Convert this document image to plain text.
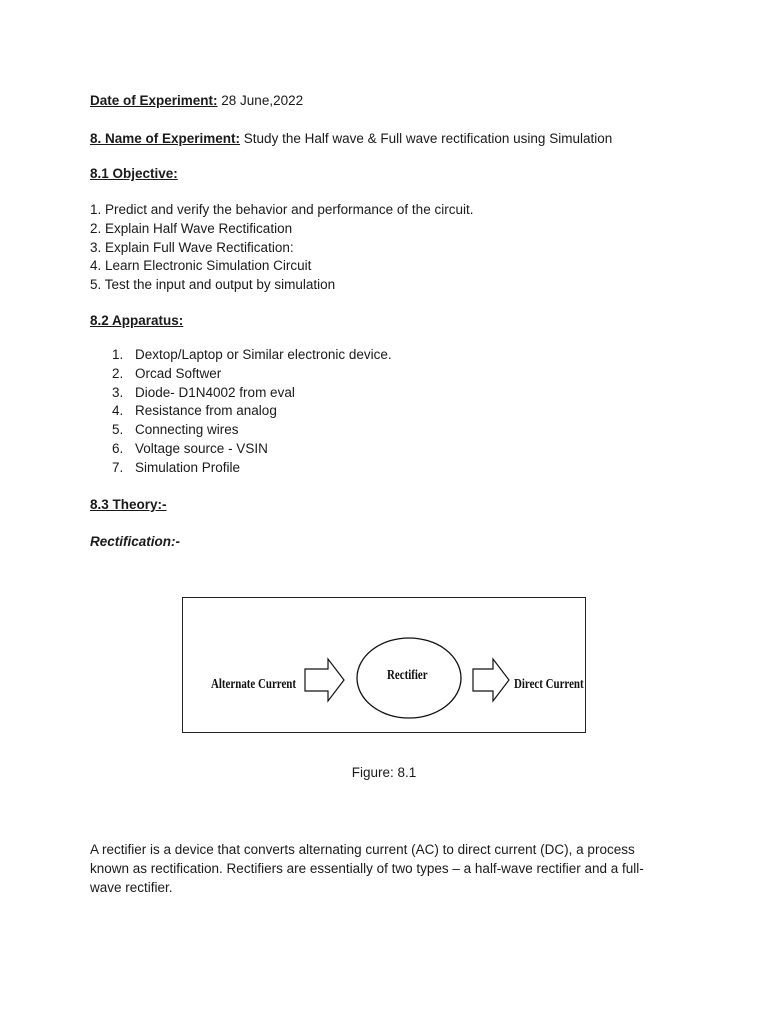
Date of Experiment: 28 June,2022
8. Name of Experiment: Study the Half wave & Full wave rectification using Simulation
8.1 Objective:
1. Predict and verify the behavior and performance of the circuit.
2. Explain Half Wave Rectification
3. Explain Full Wave Rectification:
4. Learn Electronic Simulation Circuit
5. Test the input and output by simulation
8.2 Apparatus:
1. Dextop/Laptop or Similar electronic device.
2. Orcad Softwer
3. Diode- D1N4002 from eval
4. Resistance from analog
5. Connecting wires
6. Voltage source - VSIN
7. Simulation Profile
8.3 Theory:-
Rectification:-
Alternate Current
Rectifier
Direct Current
Figure: 8.1
A rectifier is a device that converts alternating current (AC) to direct current (DC), a process known as rectification. Rectifiers are essentially of two types – a half-wave rectifier and a full-wave rectifier.
